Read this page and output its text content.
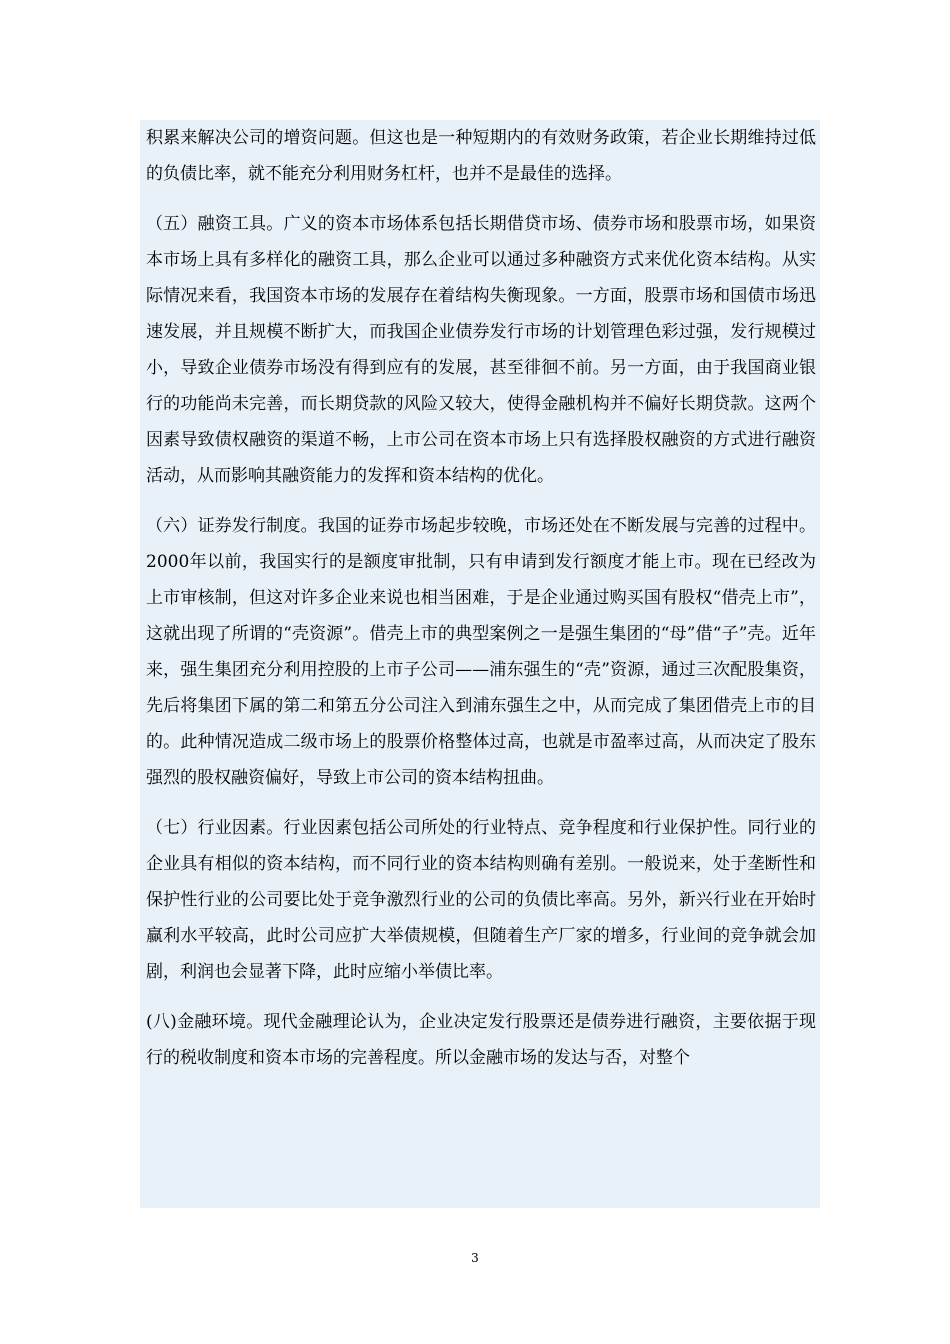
积累来解决公司的增资问题。但这也是一种短期内的有效财务政策，若企业长期维持过低的负债比率，就不能充分利用财务杠杆，也并不是最佳的选择。

（五）融资工具。广义的资本市场体系包括长期借贷市场、债券市场和股票市场，如果资本市场上具有多样化的融资工具，那么企业可以通过多种融资方式来优化资本结构。从实际情况来看，我国资本市场的发展存在着结构失衡现象。一方面，股票市场和国债市场迅速发展，并且规模不断扩大，而我国企业债券发行市场的计划管理色彩过强，发行规模过小，导致企业债券市场没有得到应有的发展，甚至徘徊不前。另一方面，由于我国商业银行的功能尚未完善，而长期贷款的风险又较大，使得金融机构并不偏好长期贷款。这两个因素导致债权融资的渠道不畅，上市公司在资本市场上只有选择股权融资的方式进行融资活动，从而影响其融资能力的发挥和资本结构的优化。

（六）证券发行制度。我国的证券市场起步较晚，市场还处在不断发展与完善的过程中。2000年以前，我国实行的是额度审批制，只有申请到发行额度才能上市。现在已经改为上市审核制，但这对许多企业来说也相当困难，于是企业通过购买国有股权“借壳上市”，这就出现了所谓的“壳资源”。借壳上市的典型案例之一是强生集团的“母”借“子”壳。近年来，强生集团充分利用控股的上市子公司——浦东强生的“壳”资源，通过三次配股集资，先后将集团下属的第二和第五分公司注入到浦东强生之中，从而完成了集团借壳上市的目的。此种情况造成二级市场上的股票价格整体过高，也就是市盈率过高，从而决定了股东强烈的股权融资偏好，导致上市公司的资本结构扭曲。

（七）行业因素。行业因素包括公司所处的行业特点、竞争程度和行业保护性。同行业的企业具有相似的资本结构，而不同行业的资本结构则确有差别。一般说来，处于垄断性和保护性行业的公司要比处于竞争激烈行业的公司的负债比率高。另外，新兴行业在开始时赢利水平较高，此时公司应扩大举债规模，但随着生产厂家的增多，行业间的竞争就会加剧，利润也会显著下降，此时应缩小举债比率。

(八)金融环境。现代金融理论认为，企业决定发行股票还是债券进行融资，主要依据于现行的税收制度和资本市场的完善程度。所以金融市场的发达与否，对整个

3
